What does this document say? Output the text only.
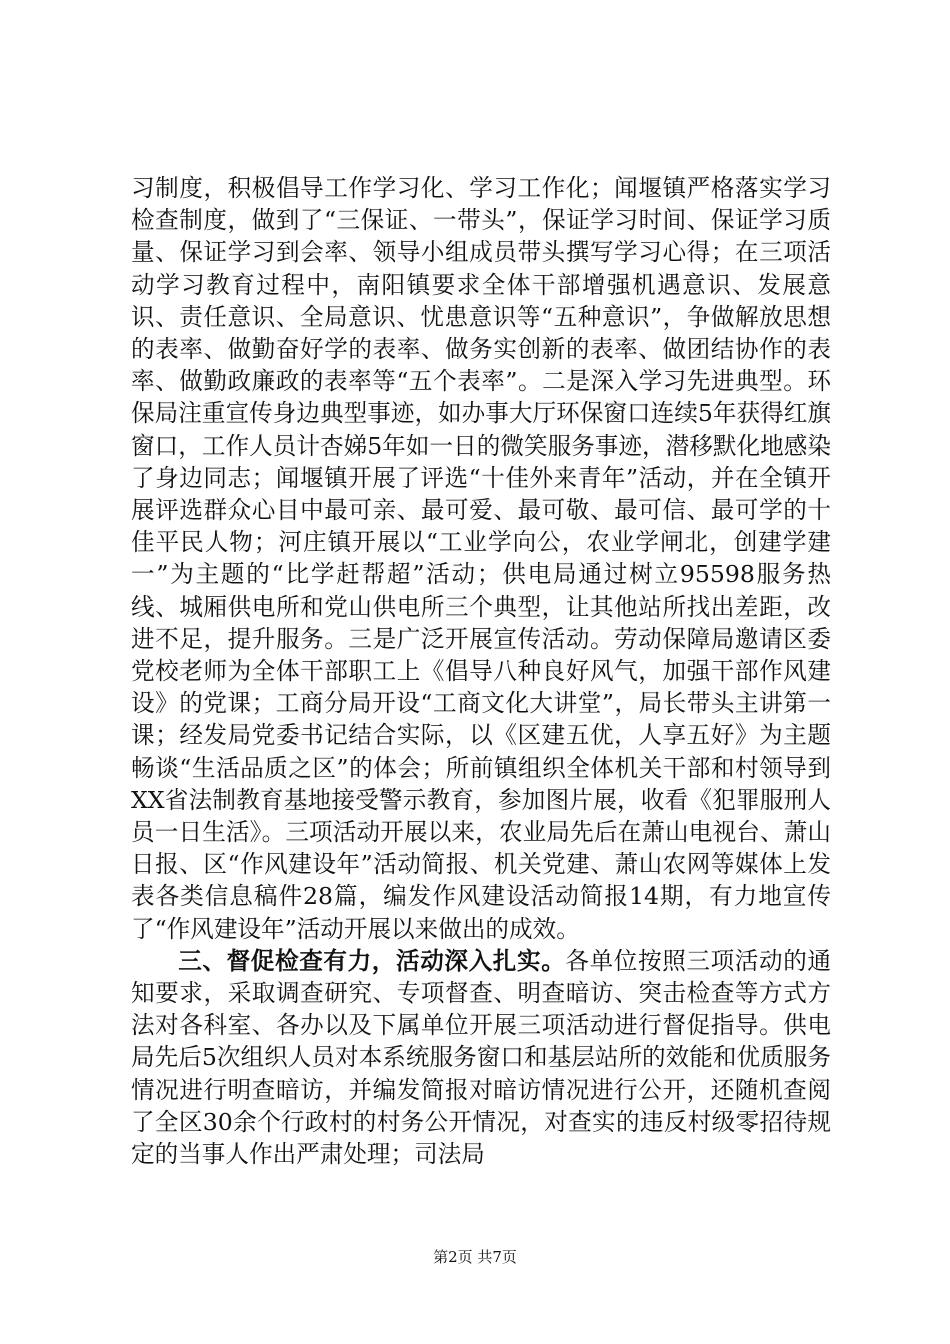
习制度，积极倡导工作学习化、学习工作化；闻堰镇严格落实学习检查制度，做到了“三保证、一带头”，保证学习时间、保证学习质量、保证学习到会率、领导小组成员带头撰写学习心得；在三项活动学习教育过程中，南阳镇要求全体干部增强机遇意识、发展意识、责任意识、全局意识、忧患意识等“五种意识”，争做解放思想的表率、做勤奋好学的表率、做务实创新的表率、做团结协作的表率、做勤政廉政的表率等“五个表率”。二是深入学习先进典型。环保局注重宣传身边典型事迹，如办事大厅环保窗口连续5年获得红旗窗口，工作人员计杏娣5年如一日的微笑服务事迹，潜移默化地感染了身边同志；闻堰镇开展了评选“十佳外来青年”活动，并在全镇开展评选群众心目中最可亲、最可爱、最可敬、最可信、最可学的十佳平民人物；河庄镇开展以“工业学向公，农业学闸北，创建学建一”为主题的“比学赶帮超”活动；供电局通过树立95598服务热线、城厢供电所和党山供电所三个典型，让其他站所找出差距，改进不足，提升服务。三是广泛开展宣传活动。劳动保障局邀请区委党校老师为全体干部职工上《倡导八种良好风气，加强干部作风建设》的党课；工商分局开设“工商文化大讲堂”，局长带头主讲第一课；经发局党委书记结合实际，以《区建五优，人享五好》为主题畅谈“生活品质之区”的体会；所前镇组织全体机关干部和村领导到XX省法制教育基地接受警示教育，参加图片展，收看《犯罪服刑人员一日生活》。三项活动开展以来，农业局先后在萧山电视台、萧山日报、区“作风建设年”活动简报、机关党建、萧山农网等媒体上发表各类信息稿件28篇，编发作风建设活动简报14期，有力地宣传了“作风建设年”活动开展以来做出的成效。

三、督促检查有力，活动深入扎实。各单位按照三项活动的通知要求，采取调查研究、专项督查、明查暗访、突击检查等方式方法对各科室、各办以及下属单位开展三项活动进行督促指导。供电局先后5次组织人员对本系统服务窗口和基层站所的效能和优质服务情况进行明查暗访，并编发简报对暗访情况进行公开，还随机查阅了全区30余个行政村的村务公开情况，对查实的违反村级零招待规定的当事人作出严肃处理；司法局

第2页 共7页
